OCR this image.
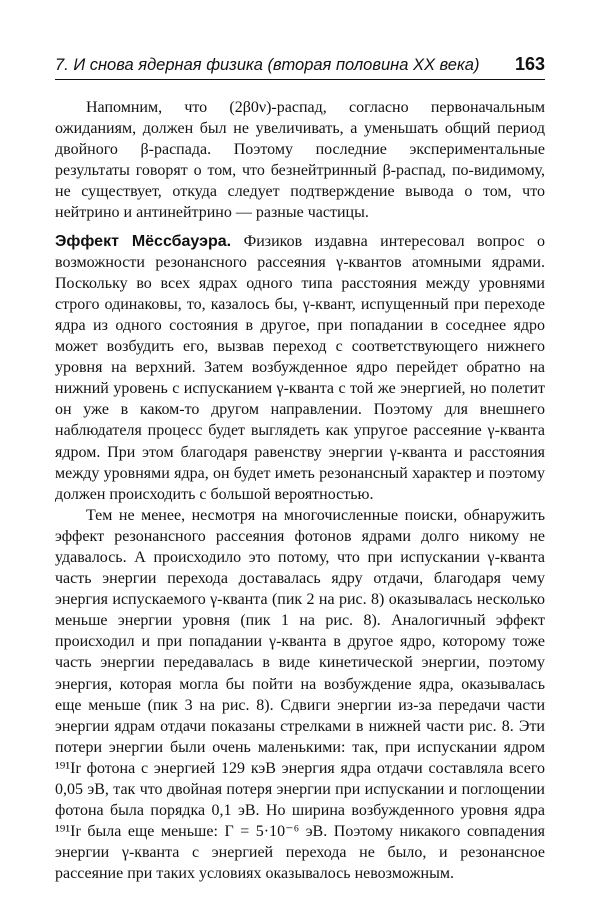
7. И снова ядерная физика (вторая половина XX века) 163

Напомним, что (2β0ν)-распад, согласно первоначальным ожиданиям, должен был не увеличивать, а уменьшать общий период двойного β-распада. Поэтому последние экспериментальные результаты говорят о том, что безнейтринный β-распад, по-видимому, не существует, откуда следует подтверждение вывода о том, что нейтрино и антинейтрино — разные частицы.

Эффект Мёссбауэра. Физиков издавна интересовал вопрос о возможности резонансного рассеяния γ-квантов атомными ядрами. Поскольку во всех ядрах одного типа расстояния между уровнями строго одинаковы, то, казалось бы, γ-квант, испущенный при переходе ядра из одного состояния в другое, при попадании в соседнее ядро может возбудить его, вызвав переход с соответствующего нижнего уровня на верхний. Затем возбужденное ядро перейдет обратно на нижний уровень с испусканием γ-кванта с той же энергией, но полетит он уже в каком-то другом направлении. Поэтому для внешнего наблюдателя процесс будет выглядеть как упругое рассеяние γ-кванта ядром. При этом благодаря равенству энергии γ-кванта и расстояния между уровнями ядра, он будет иметь резонансный характер и поэтому должен происходить с большой вероятностью.

Тем не менее, несмотря на многочисленные поиски, обнаружить эффект резонансного рассеяния фотонов ядрами долго никому не удавалось. А происходило это потому, что при испускании γ-кванта часть энергии перехода доставалась ядру отдачи, благодаря чему энергия испускаемого γ-кванта (пик 2 на рис. 8) оказывалась несколько меньше энергии уровня (пик 1 на рис. 8). Аналогичный эффект происходил и при попадании γ-кванта в другое ядро, которому тоже часть энергии передавалась в виде кинетической энергии, поэтому энергия, которая могла бы пойти на возбуждение ядра, оказывалась еще меньше (пик 3 на рис. 8). Сдвиги энергии из-за передачи части энергии ядрам отдачи показаны стрелками в нижней части рис. 8. Эти потери энергии были очень маленькими: так, при испускании ядром ¹⁹¹Ir фотона с энергией 129 кэВ энергия ядра отдачи составляла всего 0,05 эВ, так что двойная потеря энергии при испускании и поглощении фотона была порядка 0,1 эВ. Но ширина возбужденного уровня ядра ¹⁹¹Ir была еще меньше: Γ = 5·10⁻⁶ эВ. Поэтому никакого совпадения энергии γ-кванта с энергией перехода не было, и резонансное рассеяние при таких условиях оказывалось невозможным.
